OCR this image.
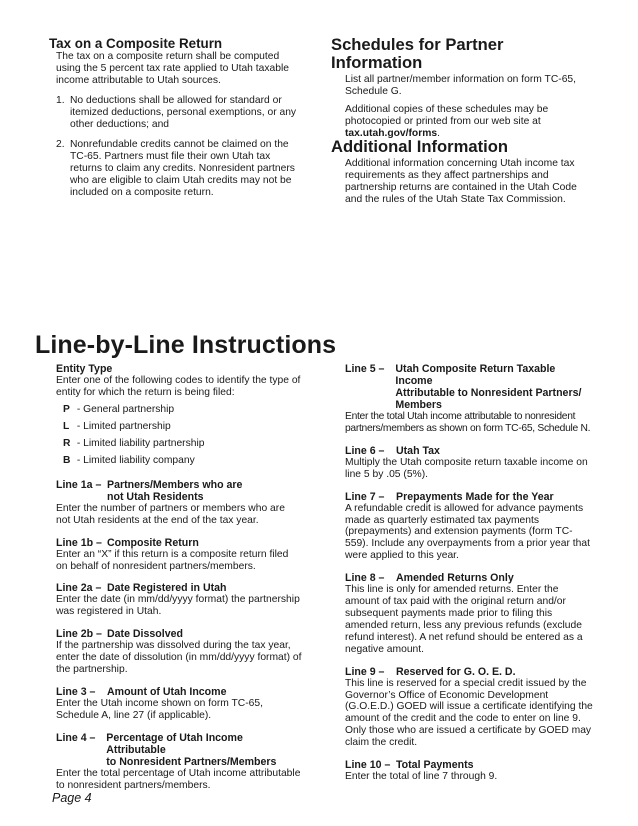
Tax on a Composite Return

The tax on a composite return shall be computed using the 5 percent tax rate applied to Utah taxable income attributable to Utah sources.

1. No deductions shall be allowed for standard or itemized deductions, personal exemptions, or any other deductions; and
2. Nonrefundable credits cannot be claimed on the TC-65. Partners must file their own Utah tax returns to claim any credits. Nonresident partners who are eligible to claim Utah credits may not be included on a composite return.
Schedules for Partner
Information

List all partner/member information on form TC-65, Schedule G.

Additional copies of these schedules may be photocopied or printed from our web site at tax.utah.gov/forms.

Additional Information

Additional information concerning Utah income tax requirements as they affect partnerships and partnership returns are contained in the Utah Code and the rules of the Utah State Tax Commission.

Line-by-Line Instructions
Entity Type

Enter one of the following codes to identify the type of entity for which the return is being filed:

P - General partnership
L - Limited partnership
R - Limited liability partnership
B - Limited liability company
Line 1a – Partners/Members who are
not Utah Residents

Enter the number of partners or members who are not Utah residents at the end of the tax year.

Line 1b – Composite Return

Enter an “X” if this return is a composite return filed on behalf of nonresident partners/members.

Line 2a – Date Registered in Utah

Enter the date (in mm/dd/yyyy format) the partnership was registered in Utah.

Line 2b – Date Dissolved

If the partnership was dissolved during the tax year, enter the date of dissolution (in mm/dd/yyyy format) of the partnership.

Line 3 –	Amount of Utah Income

Enter the Utah income shown on form TC-65, Schedule A, line 27 (if applicable).

Line 4 –	Percentage of Utah Income Attributable
to Nonresident Partners/Members

Enter the total percentage of Utah income attributable to nonresident partners/members.

Line 5 –	Utah Composite Return Taxable Income
Attributable to Nonresident Partners/
Members

Enter the total Utah income attributable to nonresident partners/members as shown on form TC-65, Schedule N.

Line 6 –	Utah Tax

Multiply the Utah composite return taxable income on line 5 by .05 (5%).

Line 7 –	Prepayments Made for the Year

A refundable credit is allowed for advance payments made as quarterly estimated tax payments (prepayments) and extension payments (form TC-559). Include any overpayments from a prior year that were applied to this year.

Line 8 –	Amended Returns Only

This line is only for amended returns. Enter the amount of tax paid with the original return and/or subsequent payments made prior to filing this amended return, less any previous refunds (exclude refund interest). A net refund should be entered as a negative amount.

Line 9 –	Reserved for G. O. E. D.

This line is reserved for a special credit issued by the Governor’s Office of Economic Development (G.O.E.D.) GOED will issue a certificate identifying the amount of the credit and the code to enter on line 9. Only those who are issued a certificate by GOED may claim the credit.

Line 10 – Total Payments

Enter the total of line 7 through 9.

Page 4
